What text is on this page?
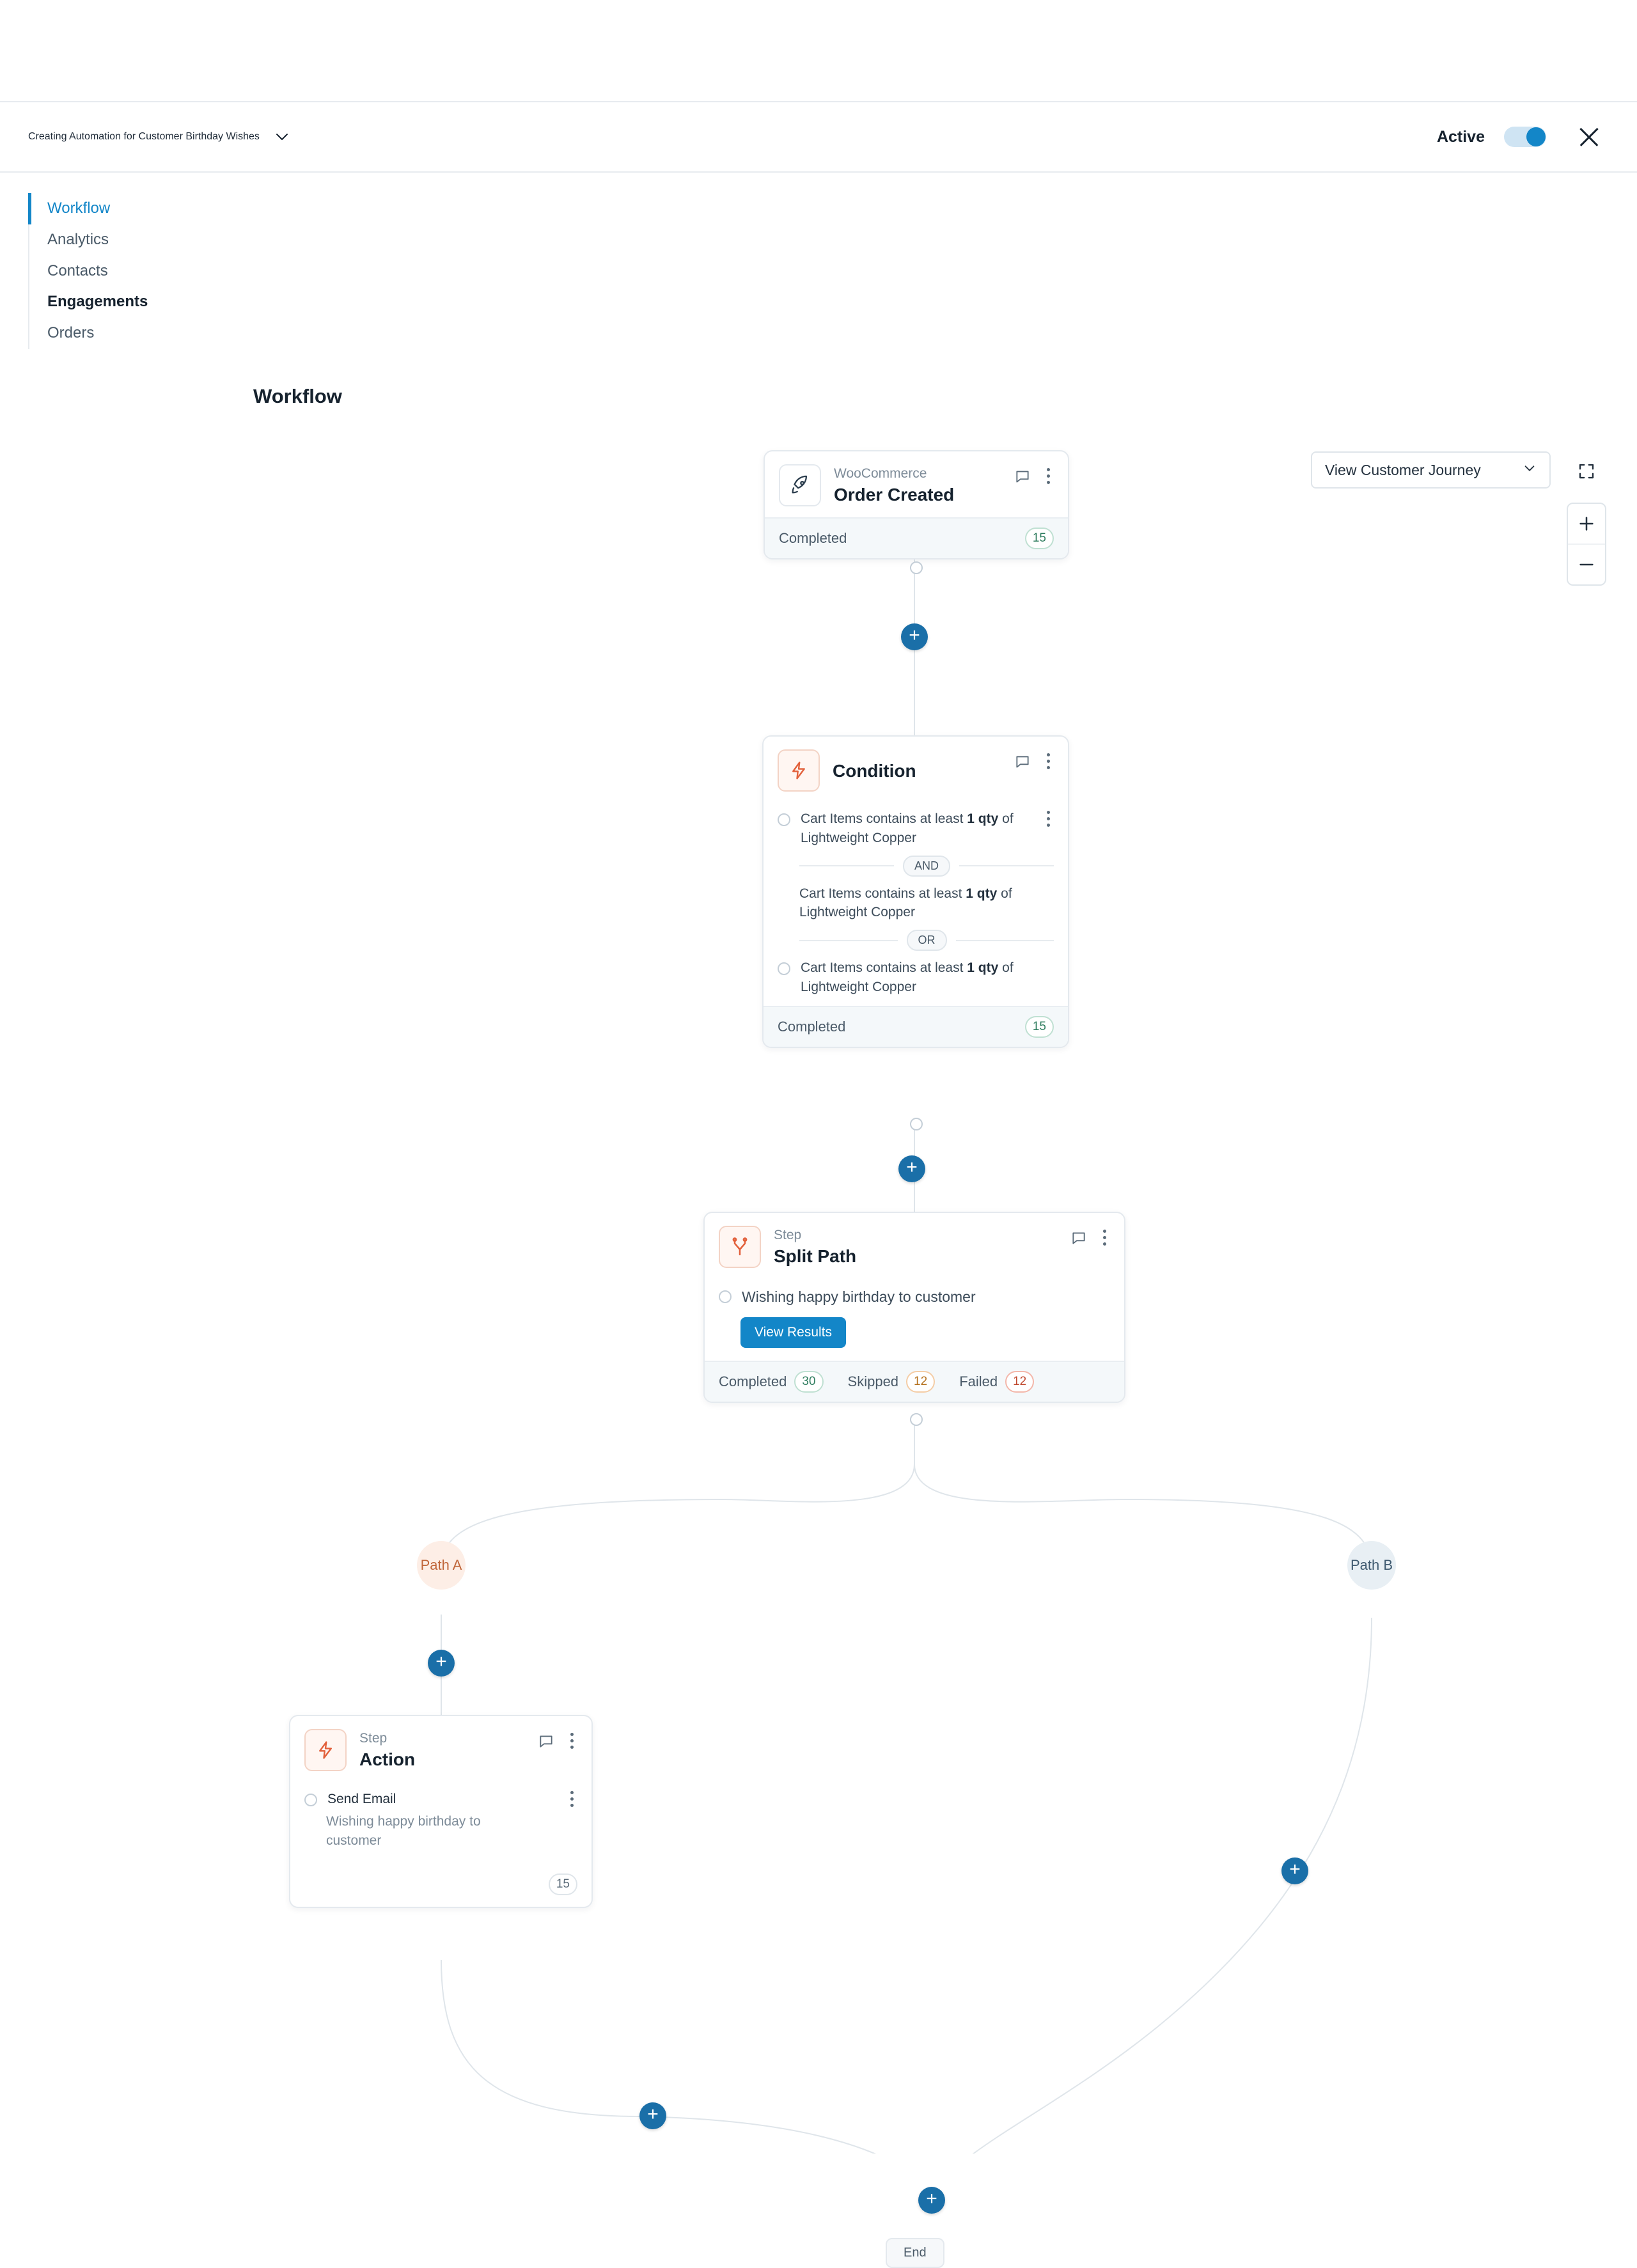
Creating Automation for Customer Birthday Wishes	Active
Workflow
Analytics
Contacts
Engagements
Orders
Workflow
WooCommerce
Order Created
Completed	15
+
Condition
Cart Items contains at least 1 qty of Lightweight Copper
AND
Cart Items contains at least 1 qty of Lightweight Copper
OR
Cart Items contains at least 1 qty of Lightweight Copper
Completed	15
+
Step
Split Path
Wishing happy birthday to customer
View Results
Completed	30	Skipped	12	Failed	12
Path A	Path B
+
+
Step
Action
Send Email
Wishing happy birthday to customer
15
+
+
End
View Customer Journey
